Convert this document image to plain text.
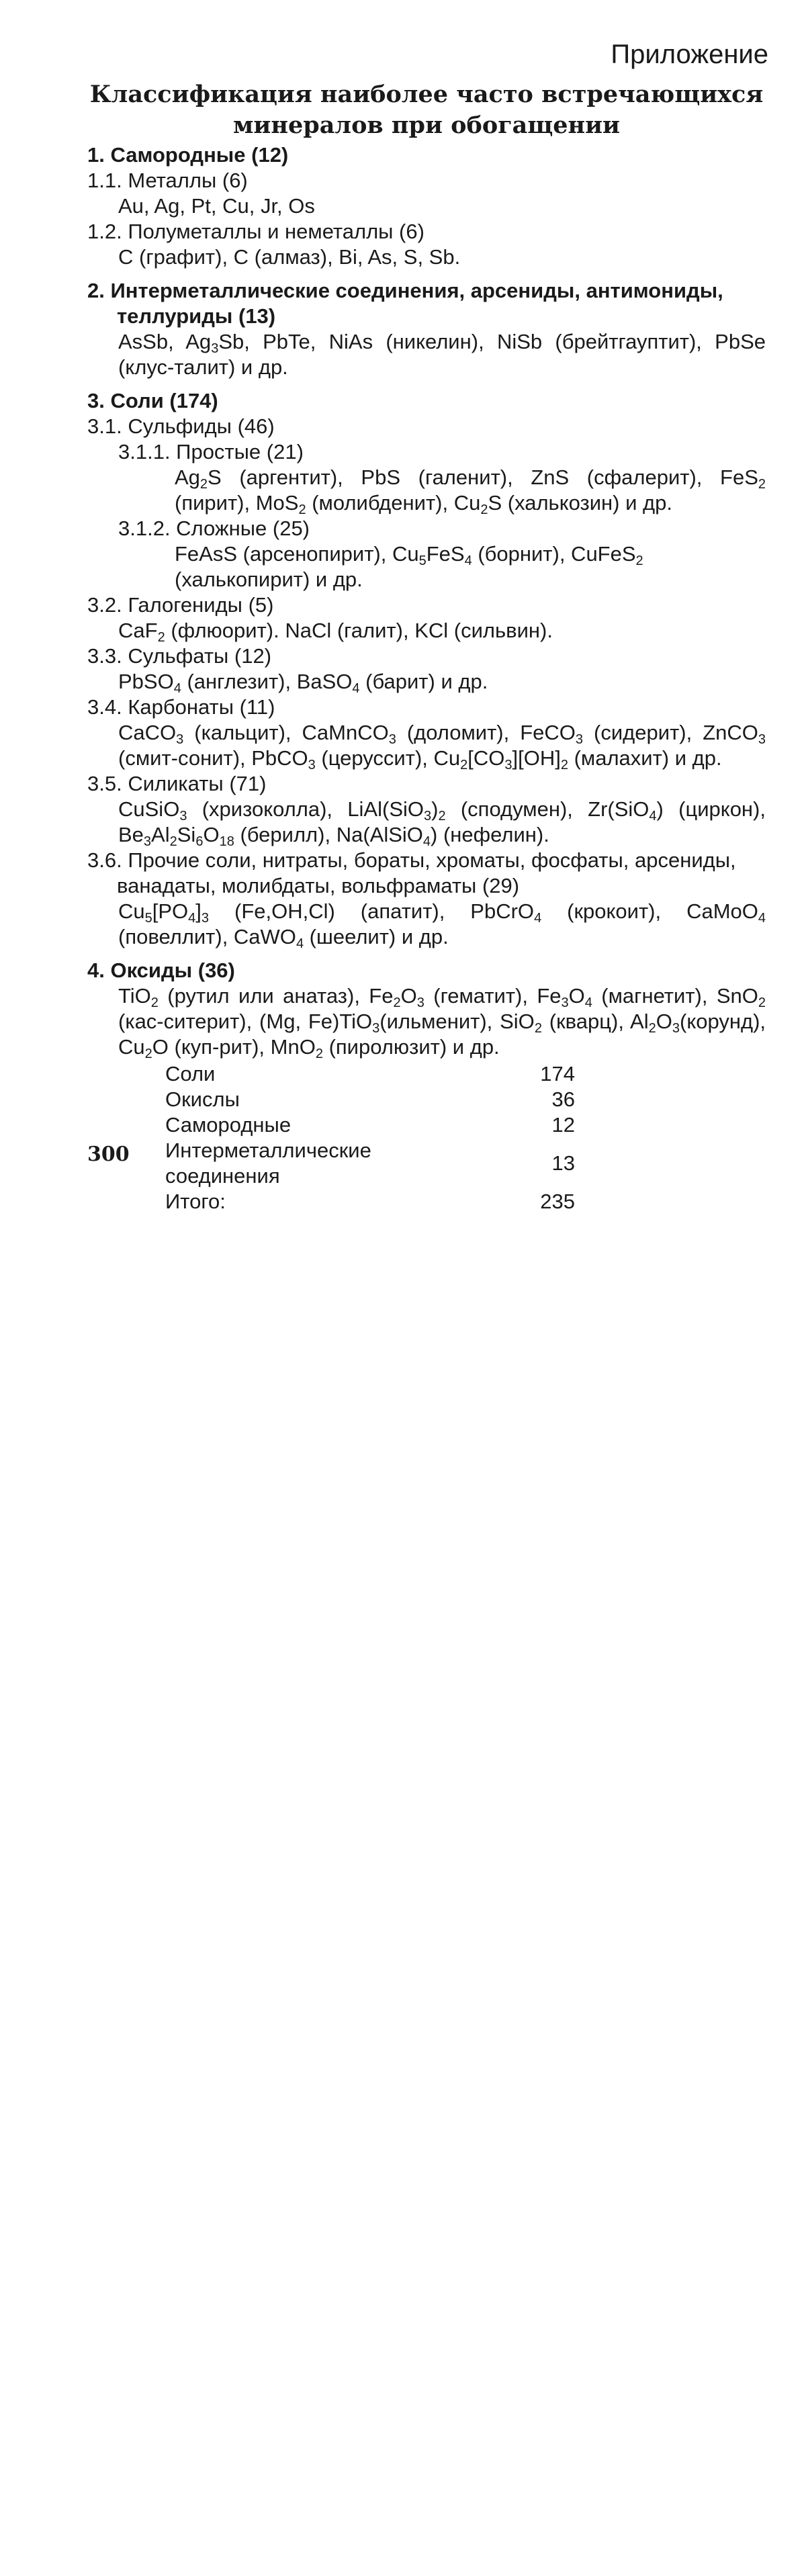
Приложение
Классификация наиболее часто встречающихся
минералов при обогащении
1. Самородные (12)
1.1. Металлы (6)
Au, Ag, Pt, Cu, Jr, Os
1.2. Полуметаллы и неметаллы (6)
C (графит), C (алмаз), Bi, As, S, Sb.
2. Интерметаллические соединения, арсениды, антимониды, теллуриды (13)
AsSb, $Ag_3Sb$, PbTe, NiAs (никелин), NiSb (брейтгауптит), PbSe (клус-талит) и др.
3. Соли (174)
3.1. Сульфиды (46)
3.1.1. Простые (21)
$Ag_2S$ (аргентит), PbS (галенит), ZnS (сфалерит), FeS$_2$ (пирит), MoS$_2$ (молибденит), $Cu_2S$ (халькозин) и др.
3.1.2. Сложные (25)
FeAsS (арсенопирит), $Cu_5FeS_4$ (борнит), CuFeS$_2$ (халькопирит) и др.
3.2. Галогениды (5)
CaF$_2$ (флюорит). NaCl (галит), KCl (сильвин).
3.3. Сульфаты (12)
PbSO$_4$ (англезит), BaSO$_4$ (барит) и др.
3.4. Карбонаты (11)
CaCO$_3$ (кальцит), CaMnCO$_3$ (доломит), FeCO$_3$ (сидерит), ZnCO$_3$ (смит-сонит), PbCO$_3$ (церуссит), $Cu_2[CO_3][OH]_2$ (малахит) и др.
3.5. Силикаты (71)
CuSiO$_3$ (хризоколла), $LiAl(SiO_3)_2$ (сподумен), Zr(SiO$_4$) (циркон), $Be_3Al_2Si_6O_{18}$ (берилл), Na(AlSiO$_4$) (нефелин).
3.6. Прочие соли, нитраты, бораты, хроматы, фосфаты, арсениды, ванадаты, молибдаты, вольфраматы (29)
$Cu_5[PO_4]_3$ (Fe,OH,Cl) (апатит), PbCrO$_4$ (крокоит), CaMoO$_4$ (повеллит), CaWO$_4$ (шеелит) и др.
4. Оксиды (36)
TiO$_2$ (рутил или анатаз), $Fe_2O_3$ (гематит), $Fe_3O_4$ (магнетит), SnO$_2$ (кас-ситерит), (Mg, Fe)TiO$_3$(ильменит), SiO$_2$ (кварц), $Al_2O_3(корунд)$, $Cu_2O$ (куп-рит), MnO$_2$ (пиролюзит) и др.
Соли	174
Окислы	36
Самородные	12
Интерметаллические соединения	13
Итого:	235
300
